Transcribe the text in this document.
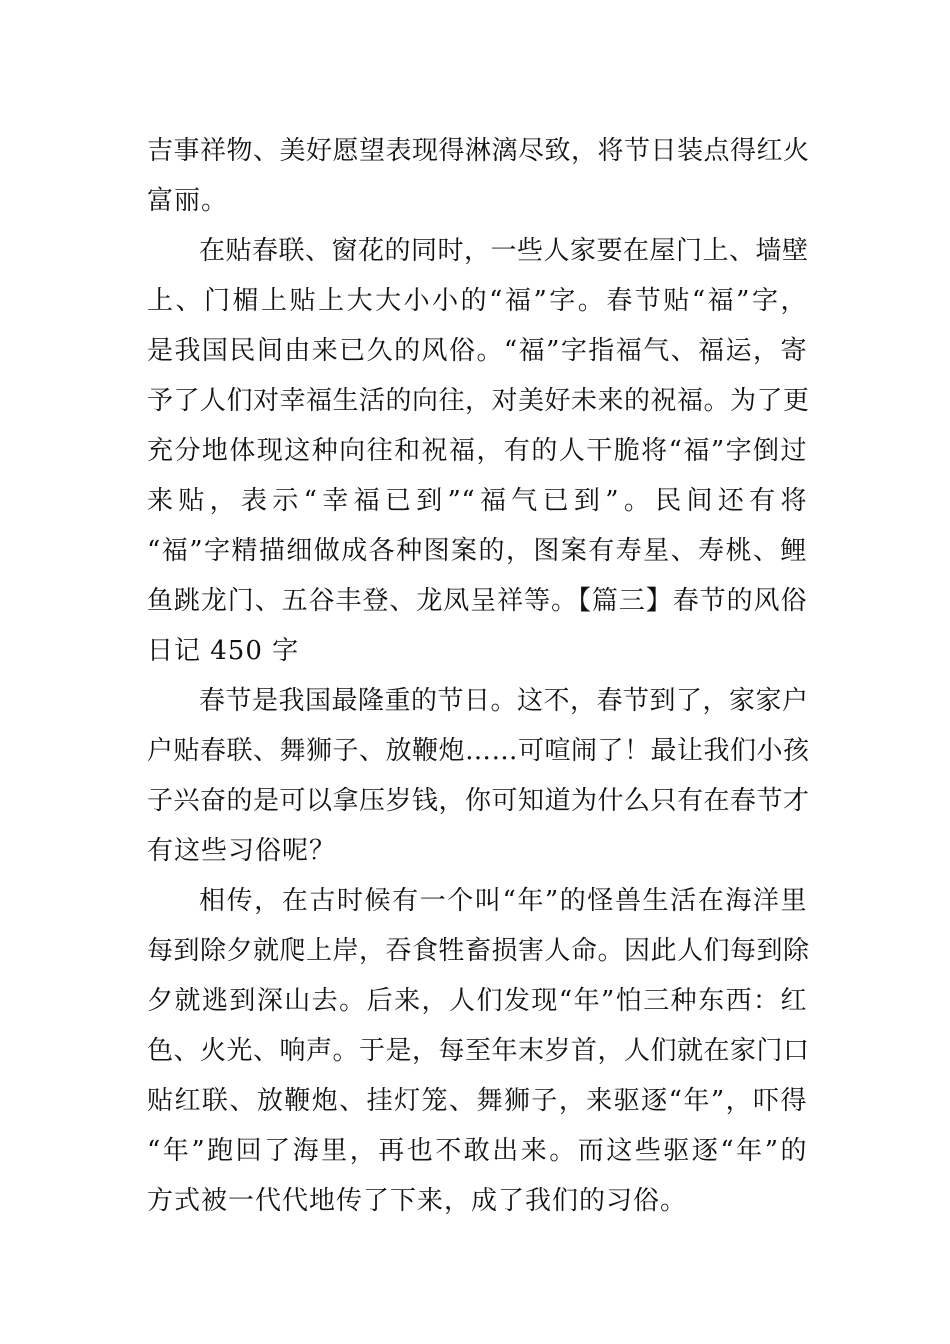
吉事祥物、美好愿望表现得淋漓尽致，将节日装点得红火
富丽。
在贴春联、窗花的同时，一些人家要在屋门上、墙壁
上、门楣上贴上大大小小的“福”字。春节贴“福”字，
是我国民间由来已久的风俗。“福”字指福气、福运，寄
予了人们对幸福生活的向往，对美好未来的祝福。为了更
充分地体现这种向往和祝福，有的人干脆将“福”字倒过
来贴，表示“幸福已到”“福气已到”。民间还有将
“福”字精描细做成各种图案的，图案有寿星、寿桃、鲤
鱼跳龙门、五谷丰登、龙凤呈祥等。【篇三】春节的风俗
日记 450 字
春节是我国最隆重的节日。这不，春节到了，家家户
户贴春联、舞狮子、放鞭炮……可喧闹了！最让我们小孩
子兴奋的是可以拿压岁钱，你可知道为什么只有在春节才
有这些习俗呢？
相传，在古时候有一个叫“年”的怪兽生活在海洋里
每到除夕就爬上岸，吞食牲畜损害人命。因此人们每到除
夕就逃到深山去。后来，人们发现“年”怕三种东西：红
色、火光、响声。于是，每至年末岁首，人们就在家门口
贴红联、放鞭炮、挂灯笼、舞狮子，来驱逐“年”，吓得
“年”跑回了海里，再也不敢出来。而这些驱逐“年”的
方式被一代代地传了下来，成了我们的习俗。
